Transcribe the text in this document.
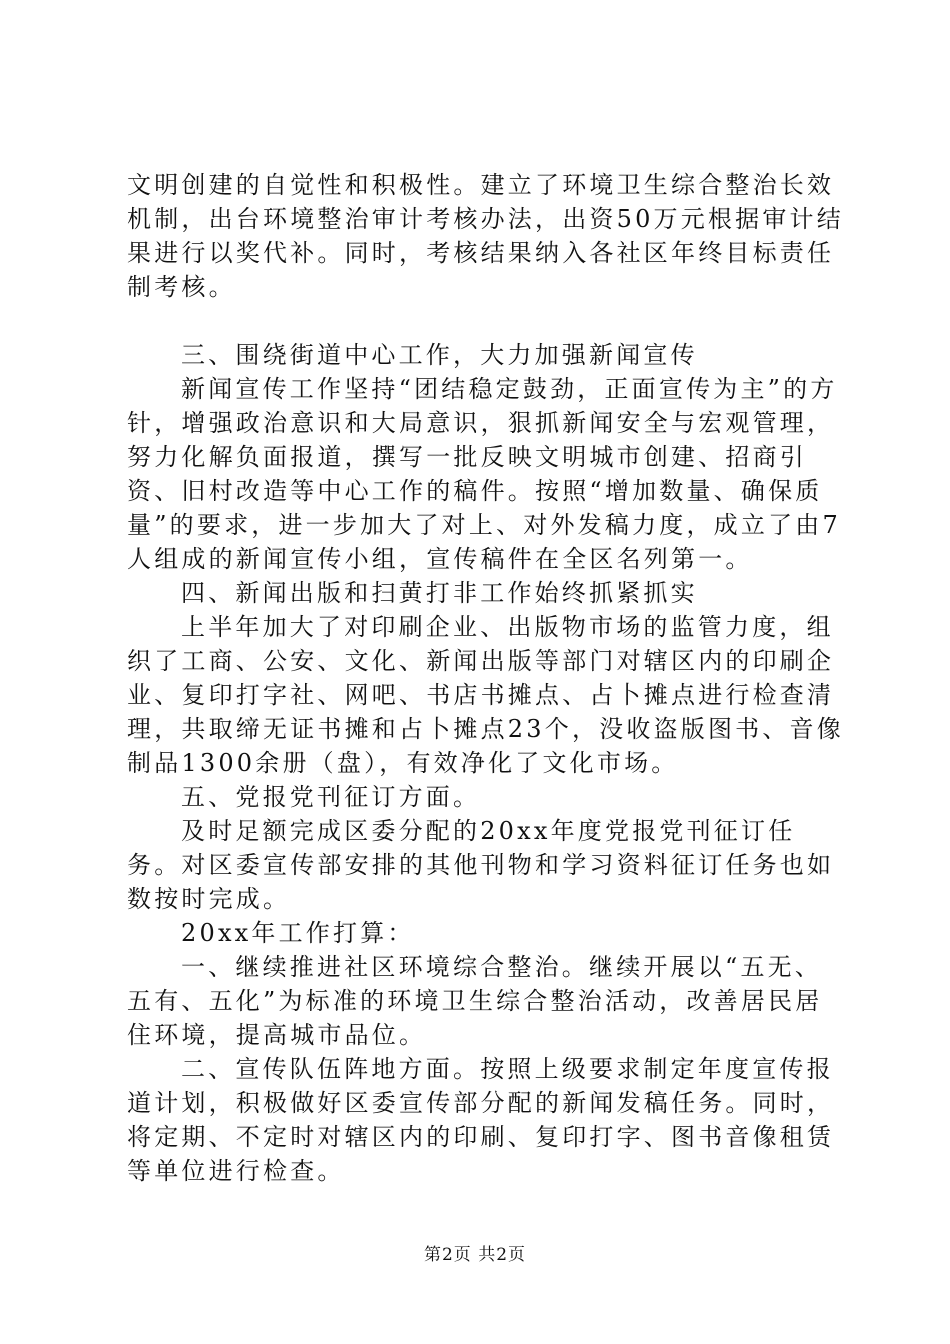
文明创建的自觉性和积极性。建立了环境卫生综合整治长效机制，出台环境整治审计考核办法，出资50万元根据审计结果进行以奖代补。同时，考核结果纳入各社区年终目标责任制考核。

三、围绕街道中心工作，大力加强新闻宣传

新闻宣传工作坚持“团结稳定鼓劲，正面宣传为主”的方针，增强政治意识和大局意识，狠抓新闻安全与宏观管理，努力化解负面报道，撰写一批反映文明城市创建、招商引资、旧村改造等中心工作的稿件。按照“增加数量、确保质量”的要求，进一步加大了对上、对外发稿力度，成立了由7人组成的新闻宣传小组，宣传稿件在全区名列第一。

四、新闻出版和扫黄打非工作始终抓紧抓实

上半年加大了对印刷企业、出版物市场的监管力度，组织了工商、公安、文化、新闻出版等部门对辖区内的印刷企业、复印打字社、网吧、书店书摊点、占卜摊点进行检查清理，共取缔无证书摊和占卜摊点23个，没收盗版图书、音像制品1300余册（盘），有效净化了文化市场。

五、党报党刊征订方面。

及时足额完成区委分配的20xx年度党报党刊征订任务。对区委宣传部安排的其他刊物和学习资料征订任务也如数按时完成。

20xx年工作打算：

一、继续推进社区环境综合整治。继续开展以“五无、五有、五化”为标准的环境卫生综合整治活动，改善居民居住环境，提高城市品位。

二、宣传队伍阵地方面。按照上级要求制定年度宣传报道计划，积极做好区委宣传部分配的新闻发稿任务。同时，将定期、不定时对辖区内的印刷、复印打字、图书音像租赁等单位进行检查。

第2页 共2页
